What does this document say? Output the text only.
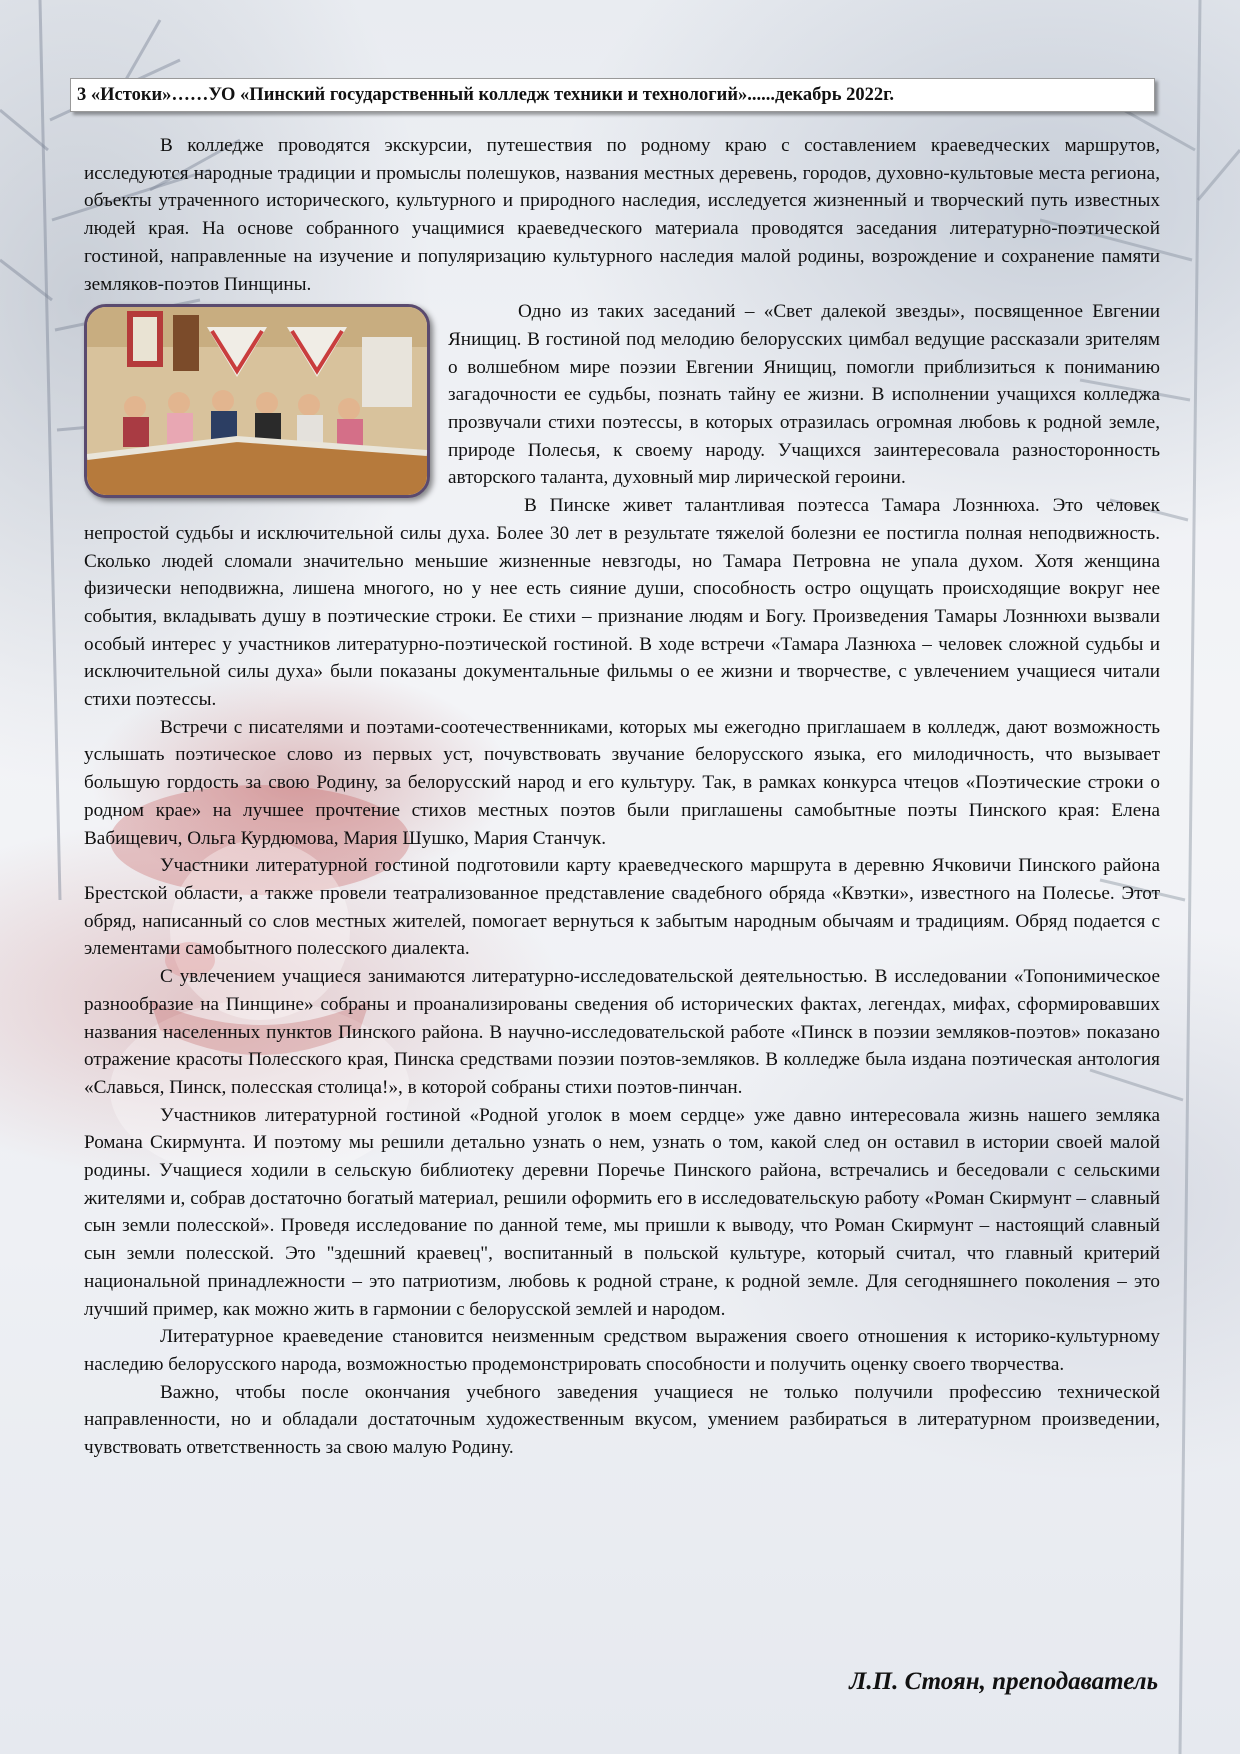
3 «Истоки»……УО «Пинский государственный колледж техники и технологий»......декабрь 2022г.

В колледже проводятся экскурсии, путешествия по родному краю с составлением краеведческих маршрутов, исследуются народные традиции и промыслы полешуков, названия местных деревень, городов, духовно-культовые места региона, объекты утраченного исторического, культурного и природного наследия, исследуется жизненный и творческий путь известных людей края. На основе собранного учащимися краеведческого материала проводятся заседания литературно-поэтической гостиной, направленные на изучение и популяризацию культурного наследия малой родины, возрождение и сохранение памяти земляков-поэтов Пинщины.

Одно из таких заседаний – «Свет далекой звезды», посвященное Евгении Янищиц. В гостиной под мелодию белорусских цимбал ведущие рассказали зрителям о волшебном мире поэзии Евгении Янищиц, помогли приблизиться к пониманию загадочности ее судьбы, познать тайну ее жизни. В исполнении учащихся колледжа прозвучали стихи поэтессы, в которых отразилась огромная любовь к родной земле, природе Полесья, к своему народу. Учащихся заинтересовала разносторонность авторского таланта, духовный мир лирической героини.

В Пинске живет талантливая поэтесса Тамара Лозннюха. Это человек непростой судьбы и исключительной силы духа. Более 30 лет в результате тяжелой болезни ее постигла полная неподвижность. Сколько людей сломали значительно меньшие жизненные невзгоды, но Тамара Петровна не упала духом. Хотя женщина физически неподвижна, лишена многого, но у нее есть сияние души, способность остро ощущать происходящие вокруг нее события, вкладывать душу в поэтические строки. Ее стихи – признание людям и Богу. Произведения Тамары Лозннюхи вызвали особый интерес у участников литературно-поэтической гостиной. В ходе встречи «Тамара Лазнюха – человек сложной судьбы и исключительной силы духа» были показаны документальные фильмы о ее жизни и творчестве, с увлечением учащиеся читали стихи поэтессы.

Встречи с писателями и поэтами-соотечественниками, которых мы ежегодно приглашаем в колледж, дают возможность услышать поэтическое слово из первых уст, почувствовать звучание белорусского языка, его милодичность, что вызывает большую гордость за свою Родину, за белорусский народ и его культуру. Так, в рамках конкурса чтецов «Поэтические строки о родном крае» на лучшее прочтение стихов местных поэтов были приглашены самобытные поэты Пинского края: Елена Вабищевич, Ольга Курдюмова, Мария Шушко, Мария Станчук.

Участники литературной гостиной подготовили карту краеведческого маршрута в деревню Ячковичи Пинского района Брестской области, а также провели театрализованное представление свадебного обряда «Квэтки», известного на Полесье. Этот обряд, написанный со слов местных жителей, помогает вернуться к забытым народным обычаям и традициям. Обряд подается с элементами самобытного полесского диалекта.

С увлечением учащиеся занимаются литературно-исследовательской деятельностью. В исследовании «Топонимическое разнообразие на Пинщине» собраны и проанализированы сведения об исторических фактах, легендах, мифах, сформировавших названия населенных пунктов Пинского района. В научно-исследовательской работе «Пинск в поэзии земляков-поэтов» показано отражение красоты Полесского края, Пинска средствами поэзии поэтов-земляков. В колледже была издана поэтическая антология «Славься, Пинск, полесская столица!», в которой собраны стихи поэтов-пинчан.

Участников литературной гостиной «Родной уголок в моем сердце» уже давно интересовала жизнь нашего земляка Романа Скирмунта. И поэтому мы решили детально узнать о нем, узнать о том, какой след он оставил в истории своей малой родины. Учащиеся ходили в сельскую библиотеку деревни Поречье Пинского района, встречались и беседовали с сельскими жителями и, собрав достаточно богатый материал, решили оформить его в исследовательскую работу «Роман Скирмунт – славный сын земли полесской». Проведя исследование по данной теме, мы пришли к выводу, что Роман Скирмунт – настоящий славный сын земли полесской. Это "здешний краевец", воспитанный в польской культуре, который считал, что главный критерий национальной принадлежности – это патриотизм, любовь к родной стране, к родной земле. Для сегодняшнего поколения – это лучший пример, как можно жить в гармонии с белорусской землей и народом.

Литературное краеведение становится неизменным средством выражения своего отношения к историко-культурному наследию белорусского народа, возможностью продемонстрировать способности и получить оценку своего творчества.

Важно, чтобы после окончания учебного заведения учащиеся не только получили профессию технической направленности, но и обладали достаточным художественным вкусом, умением разбираться в литературном произведении, чувствовать ответственность за свою малую Родину.

Л.П. Стоян, преподаватель
